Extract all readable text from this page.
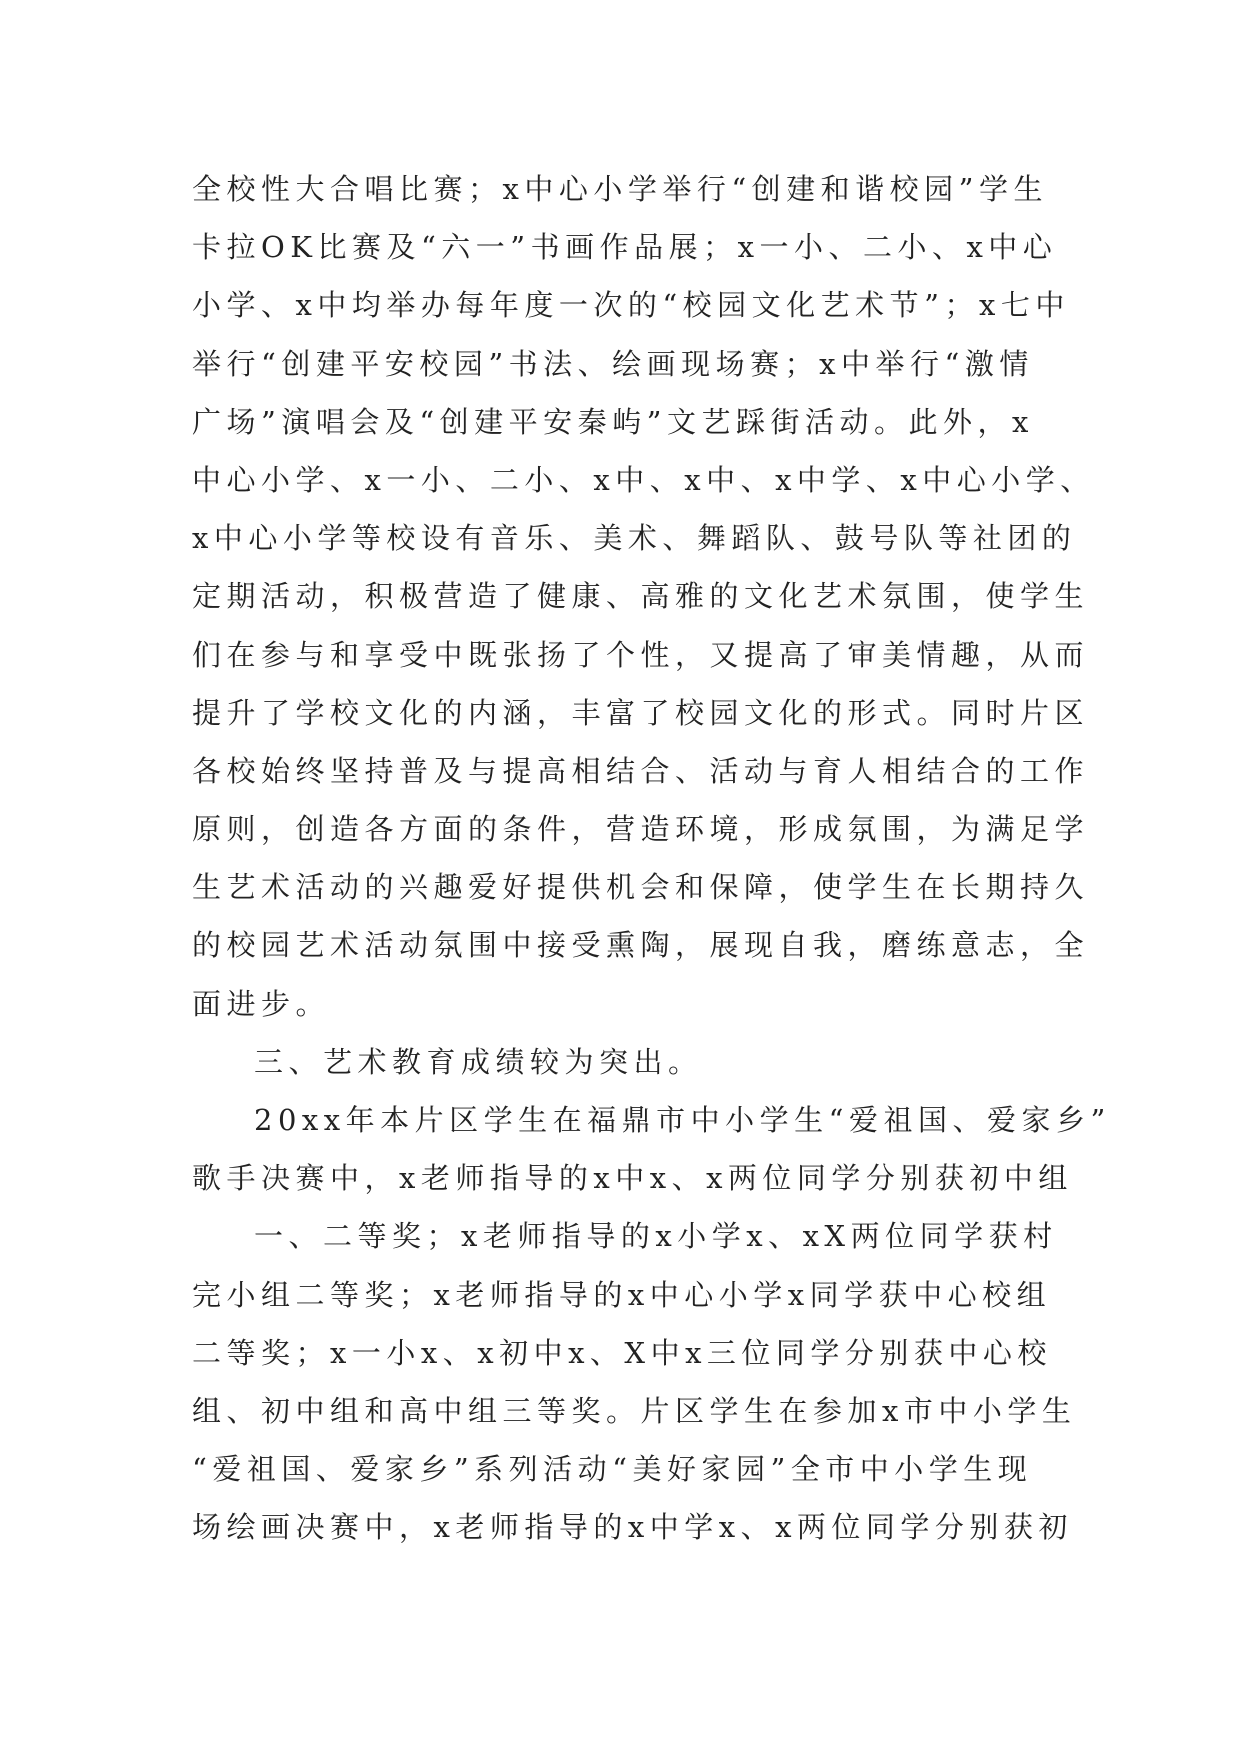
全校性大合唱比赛；x中心小学举行“创建和谐校园”学生
卡拉OK比赛及“六一”书画作品展；x一小、二小、x中心
小学、x中均举办每年度一次的“校园文化艺术节”；x七中
举行“创建平安校园”书法、绘画现场赛；x中举行“激情
广场”演唱会及“创建平安秦屿”文艺踩街活动。此外，x
中心小学、x一小、二小、x中、x中、x中学、x中心小学、
x中心小学等校设有音乐、美术、舞蹈队、鼓号队等社团的
定期活动，积极营造了健康、高雅的文化艺术氛围，使学生
们在参与和享受中既张扬了个性，又提高了审美情趣，从而
提升了学校文化的内涵，丰富了校园文化的形式。同时片区
各校始终坚持普及与提高相结合、活动与育人相结合的工作
原则，创造各方面的条件，营造环境，形成氛围，为满足学
生艺术活动的兴趣爱好提供机会和保障，使学生在长期持久
的校园艺术活动氛围中接受熏陶，展现自我，磨练意志，全
面进步。
三、艺术教育成绩较为突出。
20xx年本片区学生在福鼎市中小学生“爱祖国、爱家乡”
歌手决赛中，x老师指导的x中x、x两位同学分别获初中组
一、二等奖；x老师指导的x小学x、xX两位同学获村
完小组二等奖；x老师指导的x中心小学x同学获中心校组
二等奖；x一小x、x初中x、X中x三位同学分别获中心校
组、初中组和高中组三等奖。片区学生在参加x市中小学生
“爱祖国、爱家乡”系列活动“美好家园”全市中小学生现
场绘画决赛中，x老师指导的x中学x、x两位同学分别获初
